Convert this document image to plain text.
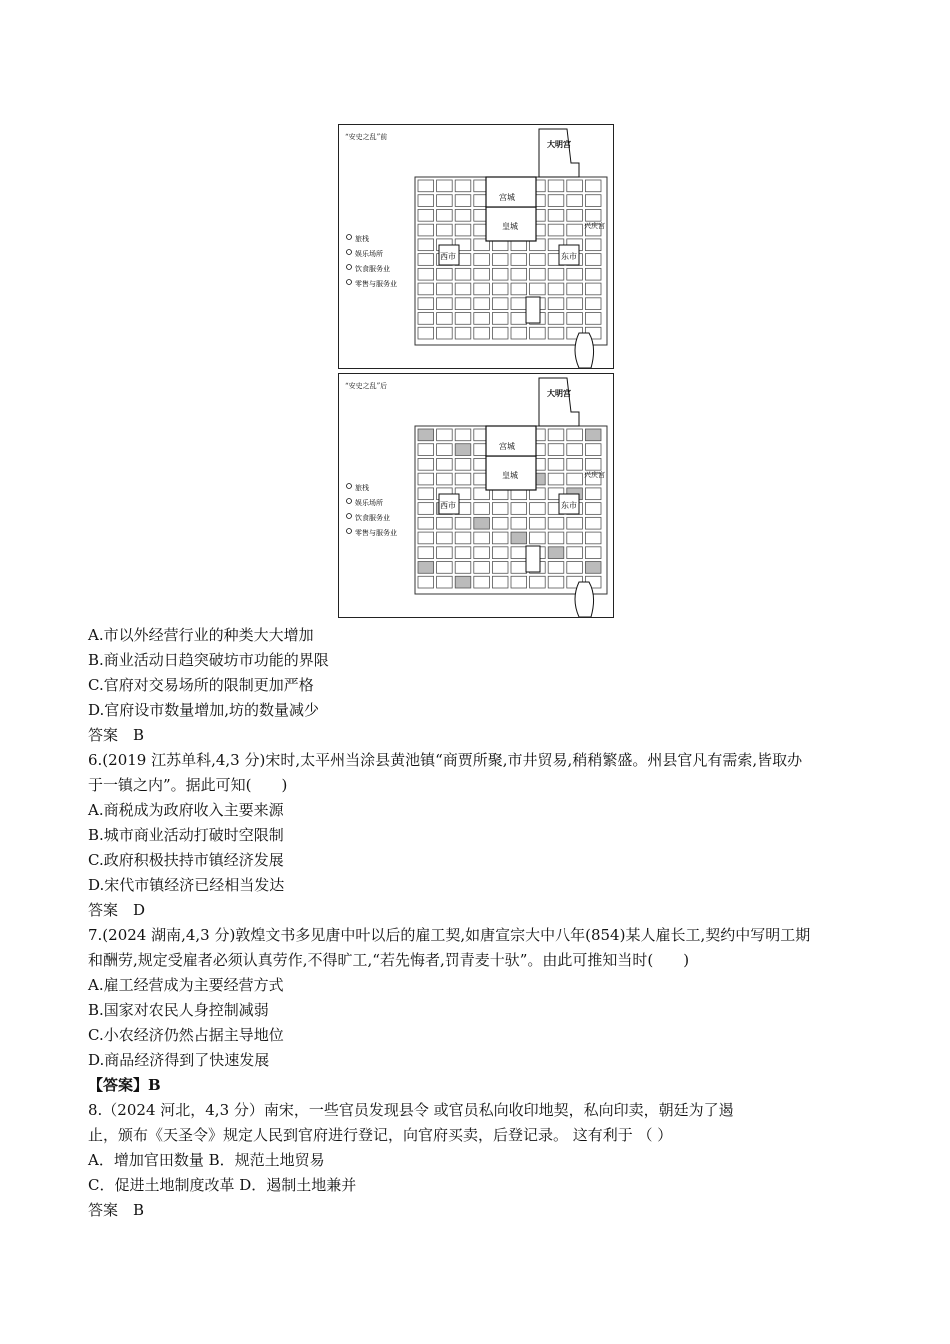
“安史之乱”前
大明宫
宫城
皇城
西市	东市
兴庆宫
旅栈
娱乐场所
饮食服务业
零售与服务业
“安史之乱”后
大明宫
宫城
皇城
西市	东市
兴庆宫
旅栈
娱乐场所
饮食服务业
零售与服务业
A.市以外经营行业的种类大大增加
B.商业活动日趋突破坊市功能的界限
C.官府对交易场所的限制更加严格
D.官府设市数量增加,坊的数量减少
答案　B
6.(2019 江苏单科,4,3 分)宋时,太平州当涂县黄池镇“商贾所聚,市井贸易,稍稍繁盛。州县官凡有需索,皆取办
于一镇之内”。据此可知(　　)
A.商税成为政府收入主要来源
B.城市商业活动打破时空限制
C.政府积极扶持市镇经济发展
D.宋代市镇经济已经相当发达
答案　D
7.(2024 湖南,4,3 分)敦煌文书多见唐中叶以后的雇工契,如唐宣宗大中八年(854)某人雇长工,契约中写明工期
和酬劳,规定受雇者必须认真劳作,不得旷工,“若先悔者,罚青麦十驮”。由此可推知当时(　　)
A.雇工经营成为主要经营方式
B.国家对农民人身控制减弱
C.小农经济仍然占据主导地位
D.商品经济得到了快速发展
【答案】B
8.（2024 河北，4,3 分）南宋，一些官员发现县令 或官员私向收印地契，私向印卖，朝廷为了遏
止，颁布《天圣令》规定人民到官府进行登记，向官府买卖，后登记录。 这有利于 （ ）
A．增加官田数量 B．规范土地贸易
C．促进土地制度改革 D．遏制土地兼并
答案　B
